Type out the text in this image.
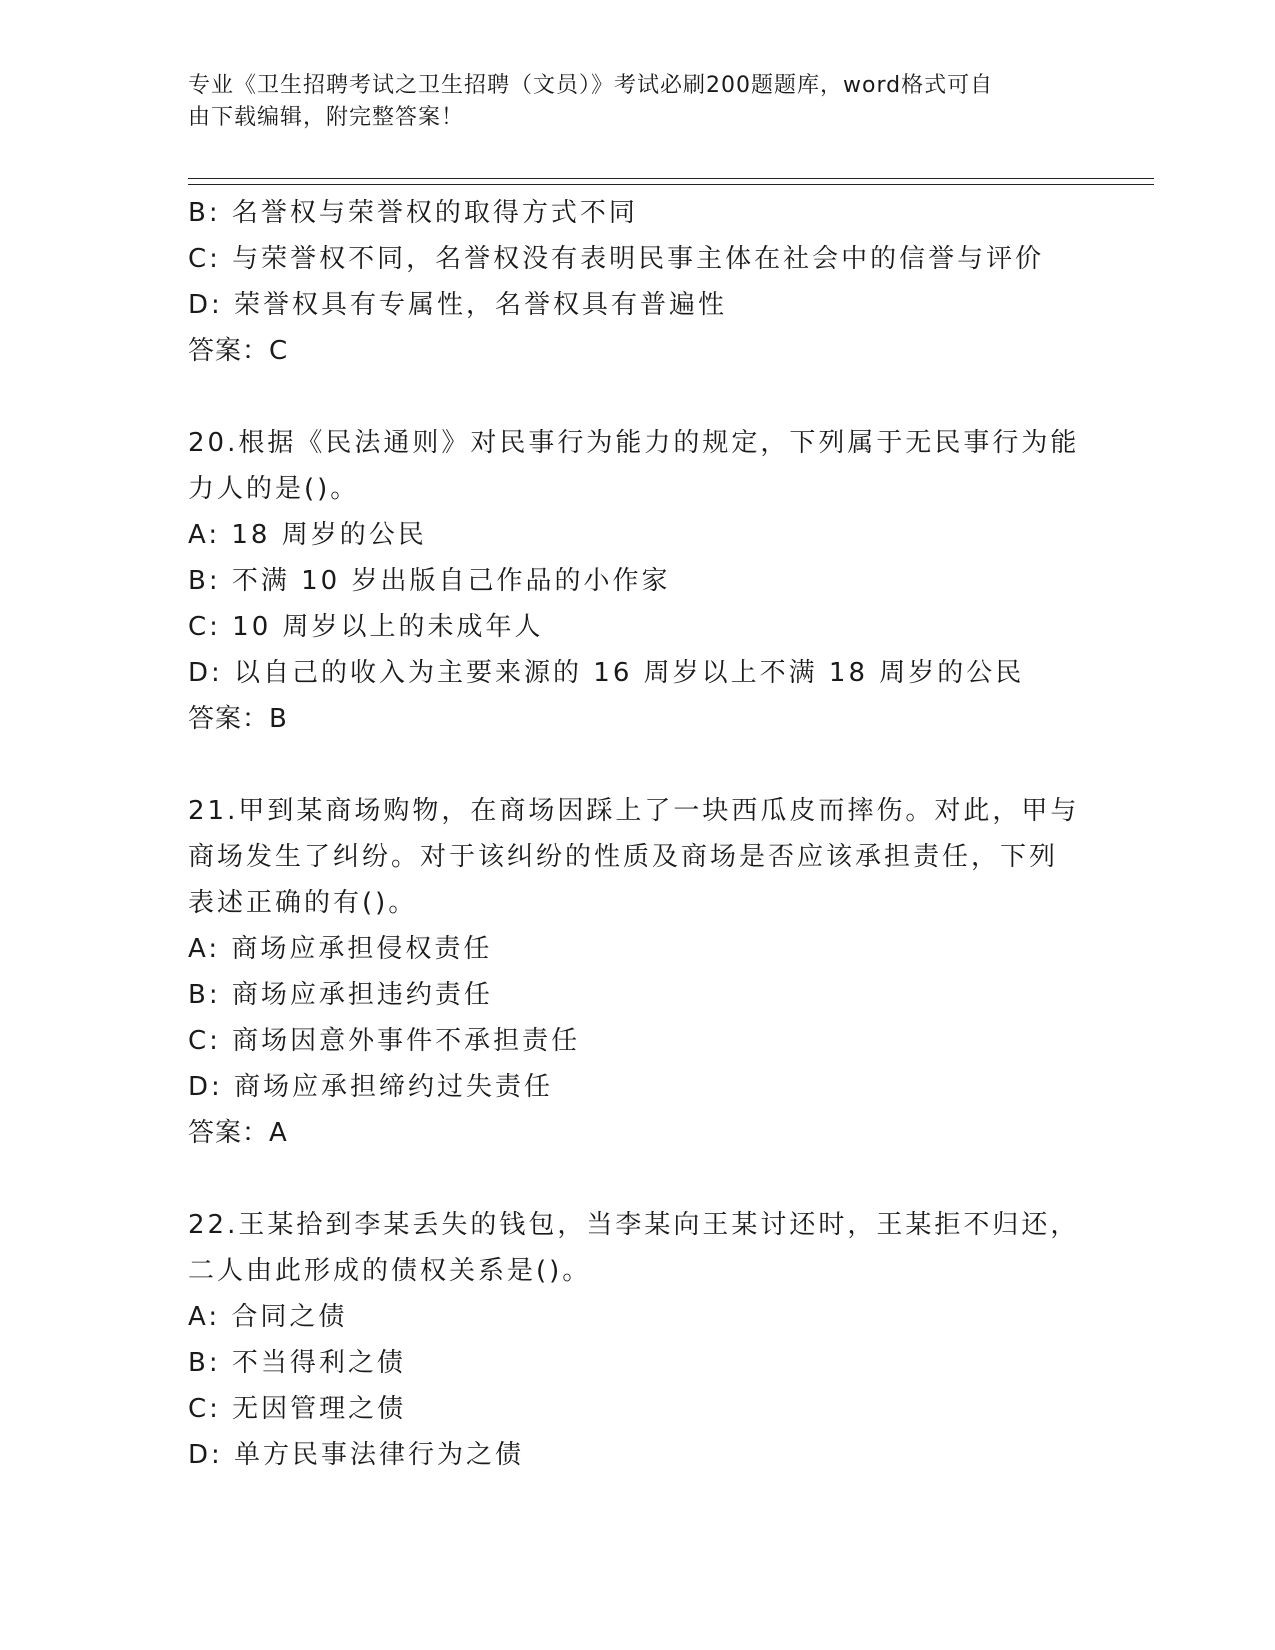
专业《卫生招聘考试之卫生招聘（文员）》考试必刷200题题库，word格式可自
由下载编辑，附完整答案！
B: 名誉权与荣誉权的取得方式不同
C: 与荣誉权不同，名誉权没有表明民事主体在社会中的信誉与评价
D: 荣誉权具有专属性，名誉权具有普遍性
答案：C
20.根据《民法通则》对民事行为能力的规定，下列属于无民事行为能
力人的是()。
A: 18 周岁的公民
B: 不满 10 岁出版自己作品的小作家
C: 10 周岁以上的未成年人
D: 以自己的收入为主要来源的 16 周岁以上不满 18 周岁的公民
答案：B
21.甲到某商场购物，在商场因踩上了一块西瓜皮而摔伤。对此，甲与
商场发生了纠纷。对于该纠纷的性质及商场是否应该承担责任，下列
表述正确的有()。
A: 商场应承担侵权责任
B: 商场应承担违约责任
C: 商场因意外事件不承担责任
D: 商场应承担缔约过失责任
答案：A
22.王某拾到李某丢失的钱包，当李某向王某讨还时，王某拒不归还，
二人由此形成的债权关系是()。
A: 合同之债
B: 不当得利之债
C: 无因管理之债
D: 单方民事法律行为之债
